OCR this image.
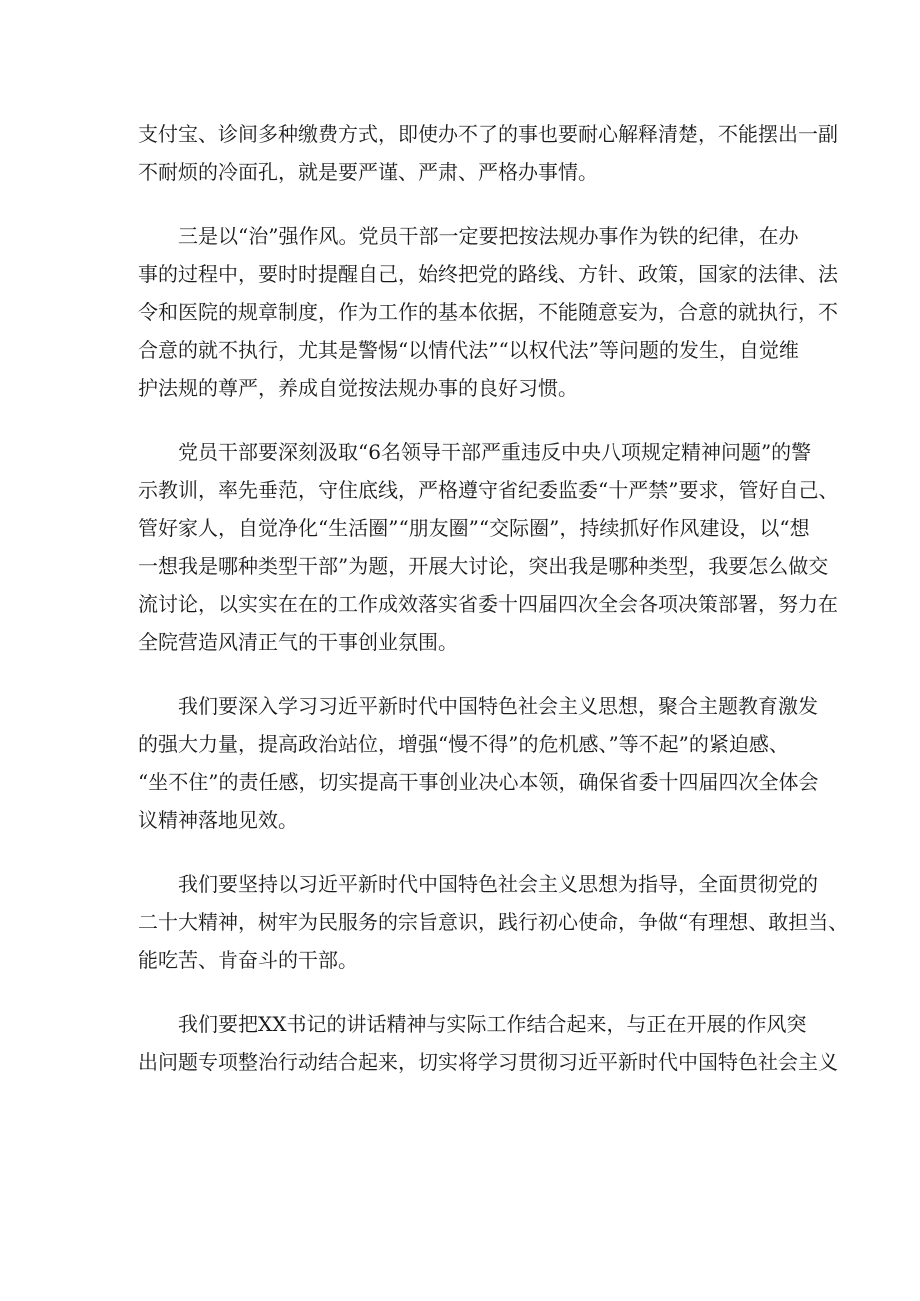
支付宝、诊间多种缴费方式，即使办不了的事也要耐心解释清楚，不能摆出一副
不耐烦的冷面孔，就是要严谨、严肃、严格办事情。
三是以“治”强作风。党员干部一定要把按法规办事作为铁的纪律，在办
事的过程中，要时时提醒自己，始终把党的路线、方针、政策，国家的法律、法
令和医院的规章制度，作为工作的基本依据，不能随意妄为，合意的就执行，不
合意的就不执行，尤其是警惕“以情代法”“以权代法”等问题的发生，自觉维
护法规的尊严，养成自觉按法规办事的良好习惯。
党员干部要深刻汲取“6名领导干部严重违反中央八项规定精神问题”的警
示教训，率先垂范，守住底线，严格遵守省纪委监委“十严禁”要求，管好自己、
管好家人，自觉净化“生活圈”“朋友圈”“交际圈”，持续抓好作风建设，以“想
一想我是哪种类型干部”为题，开展大讨论，突出我是哪种类型，我要怎么做交
流讨论，以实实在在的工作成效落实省委十四届四次全会各项决策部署，努力在
全院营造风清正气的干事创业氛围。
我们要深入学习习近平新时代中国特色社会主义思想，聚合主题教育激发
的强大力量，提高政治站位，增强“慢不得”的危机感、”等不起”的紧迫感、
“坐不住”的责任感，切实提高干事创业决心本领，确保省委十四届四次全体会
议精神落地见效。
我们要坚持以习近平新时代中国特色社会主义思想为指导，全面贯彻党的
二十大精神，树牢为民服务的宗旨意识，践行初心使命，争做“有理想、敢担当、
能吃苦、肯奋斗的干部。
我们要把XX书记的讲话精神与实际工作结合起来，与正在开展的作风突
出问题专项整治行动结合起来，切实将学习贯彻习近平新时代中国特色社会主义
